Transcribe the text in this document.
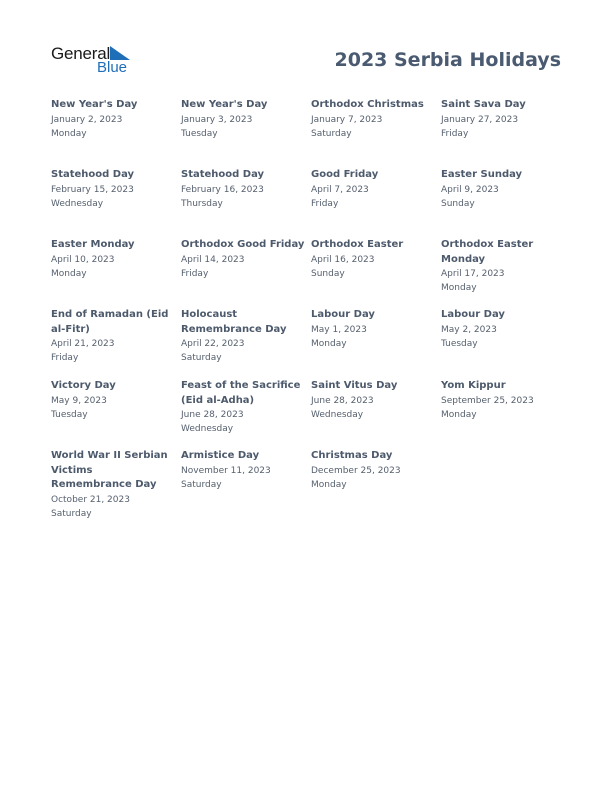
General
Blue	2023 Serbia Holidays
New Year's Day
January 2, 2023
Monday
New Year's Day
January 3, 2023
Tuesday
Orthodox Christmas
January 7, 2023
Saturday
Saint Sava Day
January 27, 2023
Friday
Statehood Day
February 15, 2023
Wednesday
Statehood Day
February 16, 2023
Thursday
Good Friday
April 7, 2023
Friday
Easter Sunday
April 9, 2023
Sunday
Easter Monday
April 10, 2023
Monday
Orthodox Good Friday
April 14, 2023
Friday
Orthodox Easter
April 16, 2023
Sunday
Orthodox Easter Monday
April 17, 2023
Monday
End of Ramadan (Eid al-Fitr)
April 21, 2023
Friday
Holocaust Remembrance Day
April 22, 2023
Saturday
Labour Day
May 1, 2023
Monday
Labour Day
May 2, 2023
Tuesday
Victory Day
May 9, 2023
Tuesday
Feast of the Sacrifice (Eid al-Adha)
June 28, 2023
Wednesday
Saint Vitus Day
June 28, 2023
Wednesday
Yom Kippur
September 25, 2023
Monday
World War II Serbian Victims Remembrance Day
October 21, 2023
Saturday
Armistice Day
November 11, 2023
Saturday
Christmas Day
December 25, 2023
Monday
